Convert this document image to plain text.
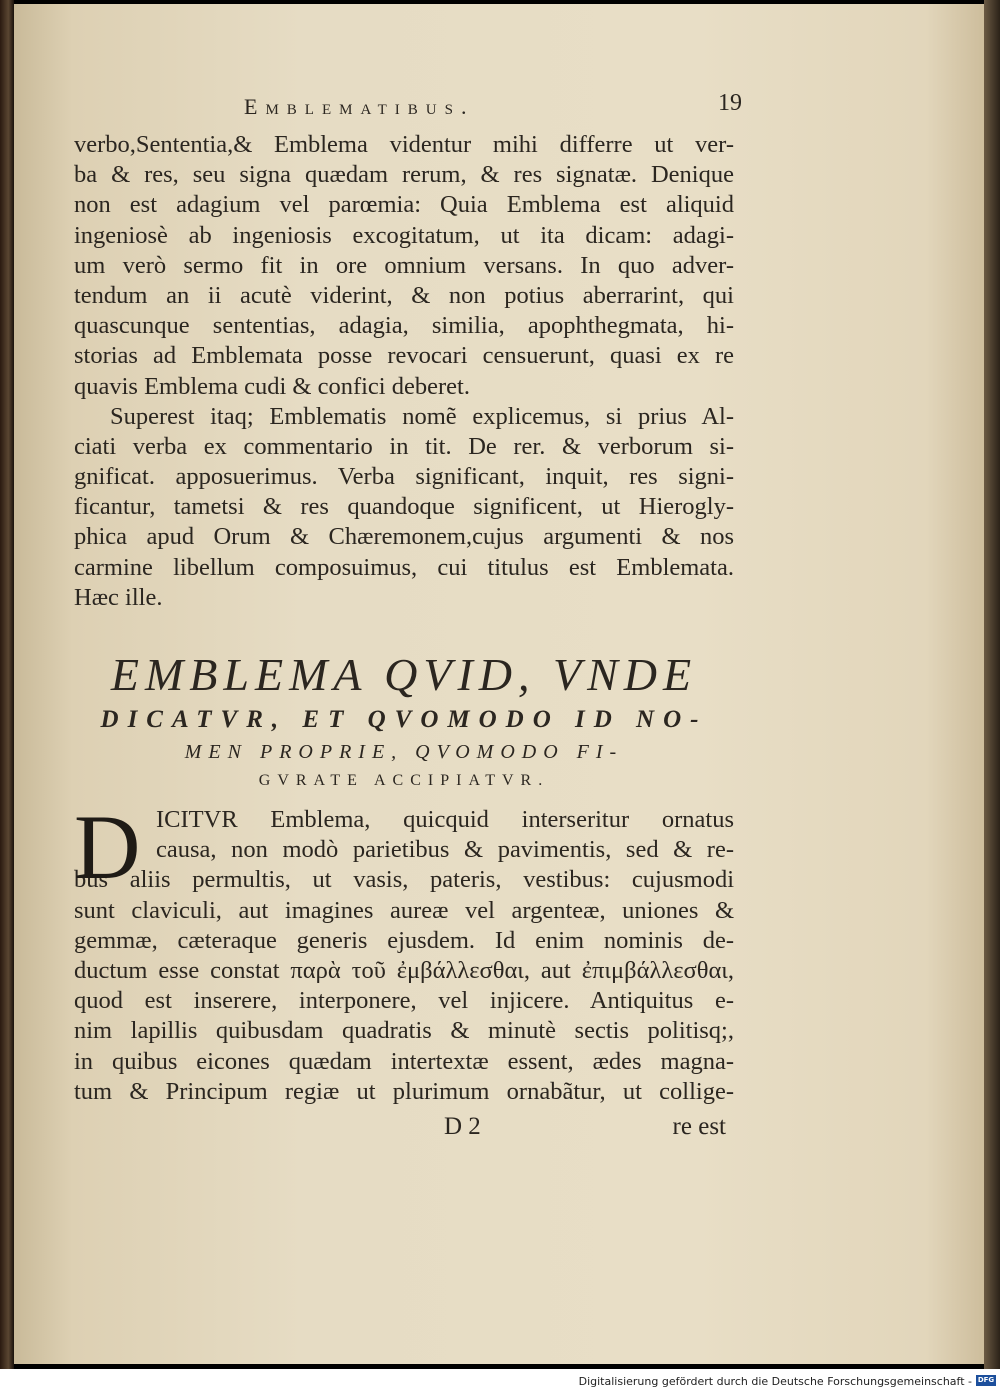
Emblematibus.	19
verbo,Sententia,& Emblema videntur mihi differre ut ver-
ba & res, seu signa quædam rerum, & res signatæ. Denique
non est adagium vel parœmia: Quia Emblema est aliquid
ingeniosè ab ingeniosis excogitatum, ut ita dicam: adagi-
um verò sermo fit in ore omnium versans. In quo adver-
tendum an ii acutè viderint, & non potius aberrarint, qui
quascunque sententias, adagia, similia, apophthegmata, hi-
storias ad Emblemata posse revocari censuerunt, quasi ex re
quavis Emblema cudi & confici deberet.
Superest itaq; Emblematis nomẽ explicemus, si prius Al-
ciati verba ex commentario in tit. De rer. & verborum si-
gnificat. apposuerimus. Verba significant, inquit, res signi-
ficantur, tametsi & res quandoque significent, ut Hierogly-
phica apud Orum & Chæremonem,cujus argumenti & nos
carmine libellum composuimus, cui titulus est Emblemata.
Hæc ille.
EMBLEMA QVID, VNDE
DICATVR, ET QVOMODO ID NO-
MEN PROPRIE, QVOMODO FI-
GVRATE ACCIPIATVR.
D ICITVR Emblema, quicquid interseritur ornatus
causa, non modò parietibus & pavimentis, sed & re-
bus aliis permultis, ut vasis, pateris, vestibus: cujusmodi
sunt claviculi, aut imagines aureæ vel argenteæ, uniones &
gemmæ, cæteraque generis ejusdem. Id enim nominis de-
ductum esse constat παρὰ τοῦ ἐμβάλλεσθαι, aut ἐπιμβάλλεσθαι,
quod est inserere, interponere, vel injicere. Antiquitus e-
nim lapillis quibusdam quadratis & minutè sectis politisq;,
in quibus eicones quædam intertextæ essent, ædes magna-
tum & Principum regiæ ut plurimum ornabãtur, ut collige-
D 2	re est
Digitalisierung gefördert durch die Deutsche Forschungsgemeinschaft - DFG
